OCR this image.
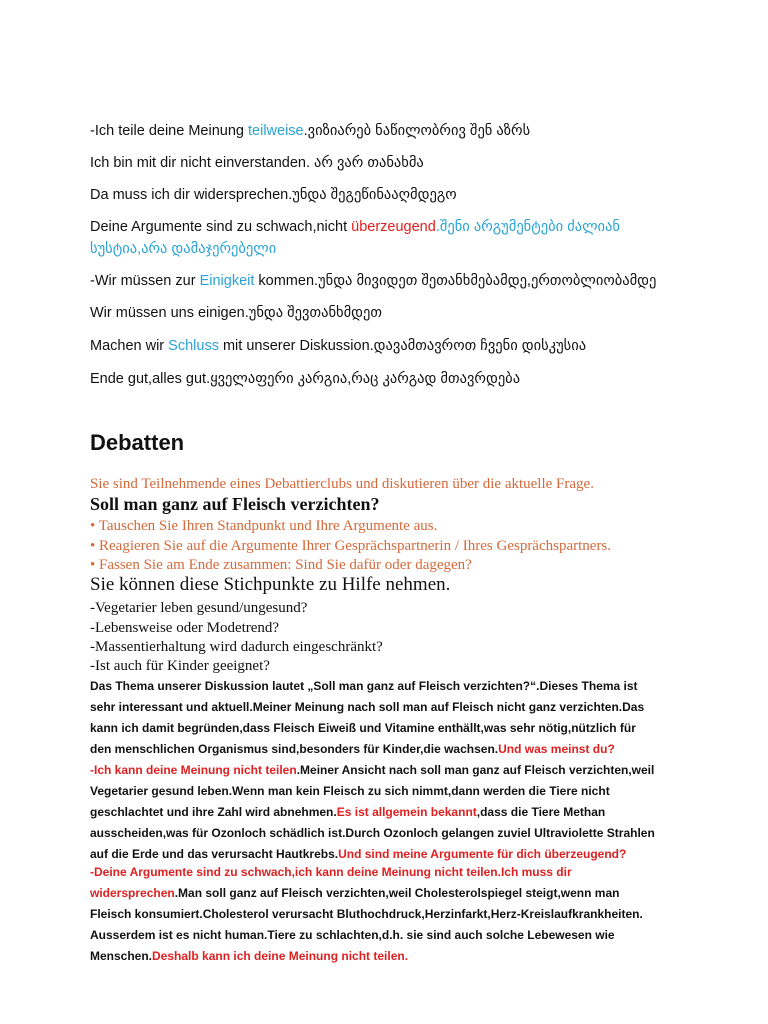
-Ich teile deine Meinung teilweise.ვიზიარებ ნაწილობრივ შენ აზრს

Ich bin mit dir nicht einverstanden. არ ვარ თანახმა

Da muss ich dir widersprechen.უნდა შეგეწინააღმდეგო

Deine Argumente sind zu schwach,nicht überzeugend.შენი არგუმენტები ძალიან
სუსტია,არა დამაჯერებელი

-Wir müssen zur Einigkeit kommen.უნდა მივიდეთ შეთანხმებამდე,ერთობლიობამდე

Wir müssen uns einigen.უნდა შევთანხმდეთ

Machen wir Schluss mit unserer Diskussion.დავამთავროთ ჩვენი დისკუსია

Ende gut,alles gut.ყველაფერი კარგია,რაც კარგად მთავრდება

Debatten

Sie sind Teilnehmende eines Debattierclubs und diskutieren über die aktuelle Frage.

Soll man ganz auf Fleisch verzichten?

• Tauschen Sie Ihren Standpunkt und Ihre Argumente aus.

• Reagieren Sie auf die Argumente Ihrer Gesprächspartnerin / Ihres Gesprächspartners.

• Fassen Sie am Ende zusammen: Sind Sie dafür oder dagegen?

Sie können diese Stichpunkte zu Hilfe nehmen.

-Vegetarier leben gesund/ungesund?

-Lebensweise oder Modetrend?

-Massentierhaltung wird dadurch eingeschränkt?

-Ist auch für Kinder geeignet?

Das Thema unserer Diskussion lautet „Soll man ganz auf Fleisch verzichten?“.Dieses Thema ist sehr interessant und aktuell.Meiner Meinung nach soll man auf Fleisch nicht ganz verzichten.Das kann ich damit begründen,dass Fleisch Eiweiß und Vitamine enthällt,was sehr nötig,nützlich für den menschlichen Organismus sind,besonders für Kinder,die wachsen.Und was meinst du?

-Ich kann deine Meinung nicht teilen.Meiner Ansicht nach soll man ganz auf Fleisch verzichten,weil Vegetarier gesund leben.Wenn man kein Fleisch zu sich nimmt,dann werden die Tiere nicht geschlachtet und ihre Zahl wird abnehmen.Es ist allgemein bekannt,dass die Tiere Methan ausscheiden,was für Ozonloch schädlich ist.Durch Ozonloch gelangen zuviel Ultraviolette Strahlen auf die Erde und das verursacht Hautkrebs.Und sind meine Argumente für dich überzeugend?

-Deine Argumente sind zu schwach,ich kann deine Meinung nicht teilen.Ich muss dir widersprechen.Man soll ganz auf Fleisch verzichten,weil Cholesterolspiegel steigt,wenn man Fleisch konsumiert.Cholesterol verursacht Bluthochdruck,Herzinfarkt,Herz-Kreislaufkrankheiten. Ausserdem ist es nicht human.Tiere zu schlachten,d.h. sie sind auch solche Lebewesen wie Menschen.Deshalb kann ich deine Meinung nicht teilen.
